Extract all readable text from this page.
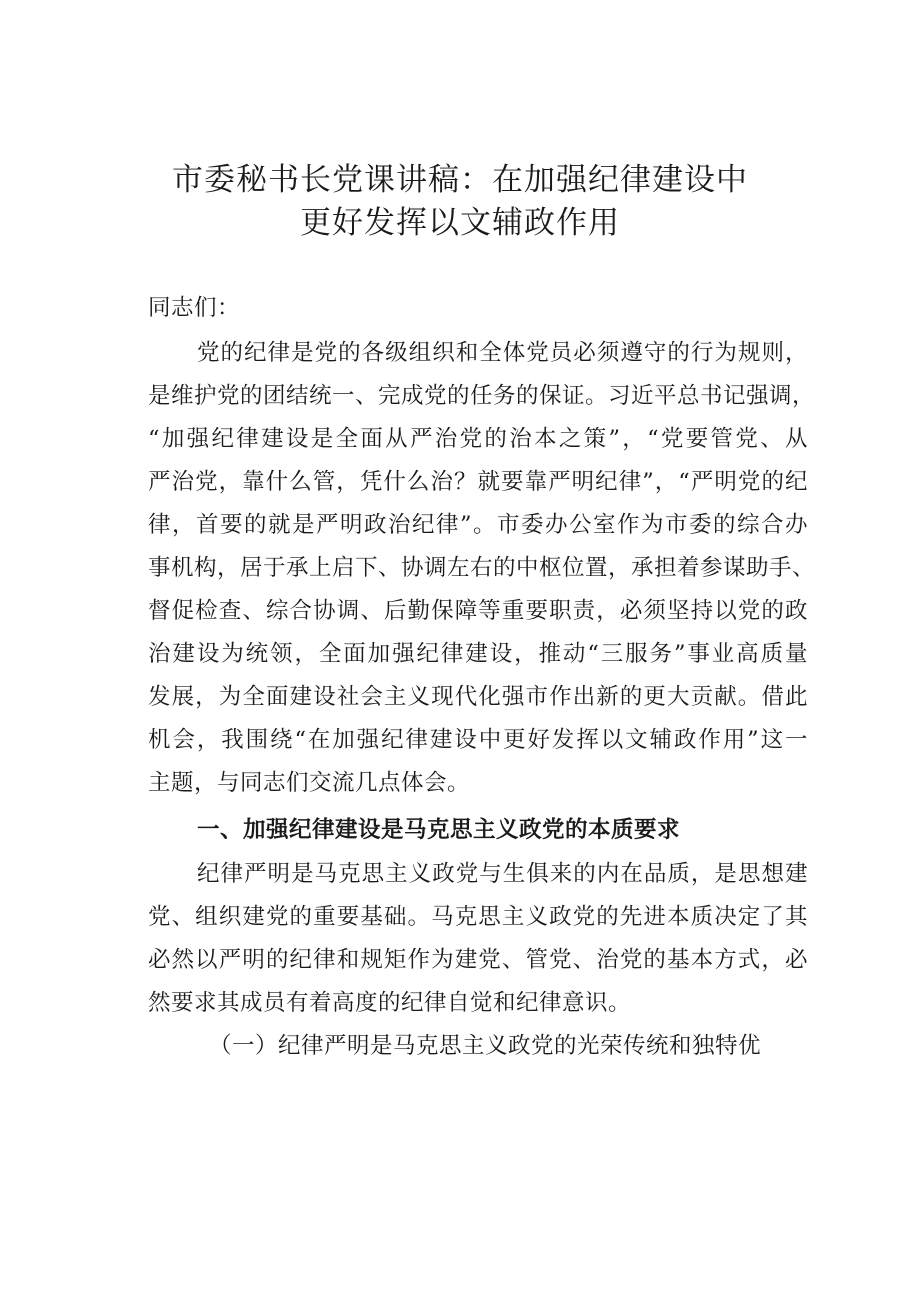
市委秘书长党课讲稿：在加强纪律建设中
更好发挥以文辅政作用
同志们：
党的纪律是党的各级组织和全体党员必须遵守的行为规则，
是维护党的团结统一、完成党的任务的保证。习近平总书记强调，
“加强纪律建设是全面从严治党的治本之策”，“党要管党、从
严治党，靠什么管，凭什么治？就要靠严明纪律”，“严明党的纪
律，首要的就是严明政治纪律”。市委办公室作为市委的综合办
事机构，居于承上启下、协调左右的中枢位置，承担着参谋助手、
督促检查、综合协调、后勤保障等重要职责，必须坚持以党的政
治建设为统领，全面加强纪律建设，推动“三服务”事业高质量
发展，为全面建设社会主义现代化强市作出新的更大贡献。借此
机会，我围绕“在加强纪律建设中更好发挥以文辅政作用”这一
主题，与同志们交流几点体会。
一、加强纪律建设是马克思主义政党的本质要求
纪律严明是马克思主义政党与生俱来的内在品质，是思想建
党、组织建党的重要基础。马克思主义政党的先进本质决定了其
必然以严明的纪律和规矩作为建党、管党、治党的基本方式，必
然要求其成员有着高度的纪律自觉和纪律意识。
（一）纪律严明是马克思主义政党的光荣传统和独特优
